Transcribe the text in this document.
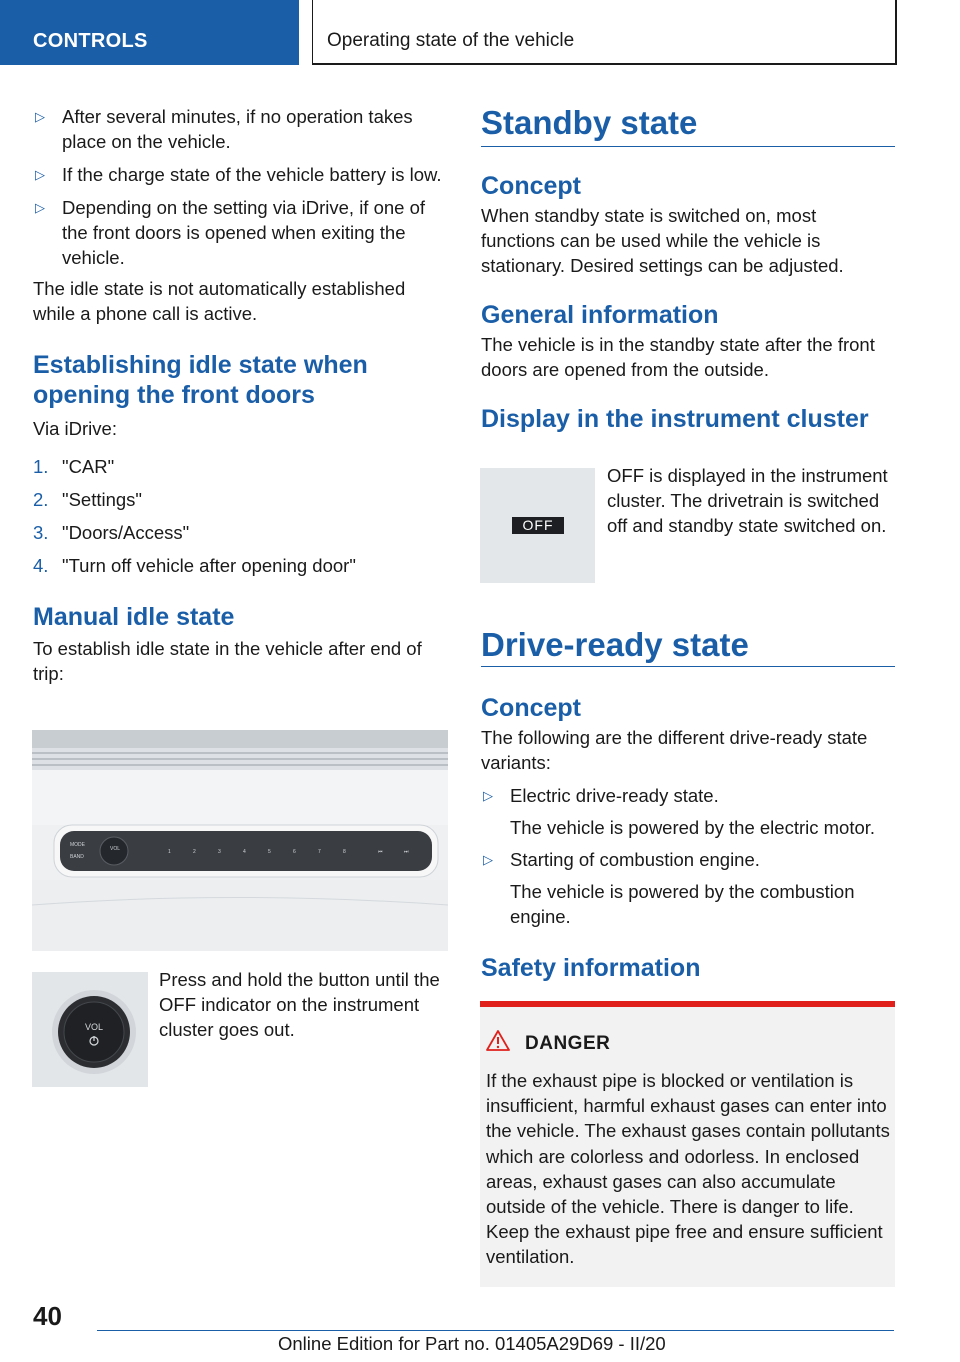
CONTROLS	Operating state of the vehicle
▷ After several minutes, if no operation takes place on the vehicle.

▷ If the charge state of the vehicle battery is low.

▷ Depending on the setting via iDrive, if one of the front doors is opened when exiting the vehicle.

The idle state is not automatically established while a phone call is active.

Establishing idle state when opening the front doors

Via iDrive:

1. "CAR"

2. "Settings"

3. "Doors/Access"

4. "Turn off vehicle after opening door"

Manual idle state

To establish idle state in the vehicle after end of trip:

MODE
BAND
VOL	1	2	3	4	5	6	7	8	⏮	⏭
VOL

Press and hold the button until the OFF indicator on the instrument cluster goes out.

Standby state
Concept

When standby state is switched on, most functions can be used while the vehicle is stationary. Desired settings can be adjusted.

General information

The vehicle is in the standby state after the front doors are opened from the outside.

Display in the instrument cluster
OFF

OFF is displayed in the instrument cluster. The drivetrain is switched off and standby state switched on.

Drive-ready state
Concept

The following are the different drive-ready state variants:

▷ Electric drive-ready state.

The vehicle is powered by the electric motor.

▷ Starting of combustion engine.

The vehicle is powered by the combustion engine.

Safety information
DANGER

If the exhaust pipe is blocked or ventilation is insufficient, harmful exhaust gases can enter into the vehicle. The exhaust gases contain pollutants which are colorless and odorless. In enclosed areas, exhaust gases can also accumulate outside of the vehicle. There is danger to life. Keep the exhaust pipe free and ensure sufficient ventilation.

40
Online Edition for Part no. 01405A29D69 - II/20
